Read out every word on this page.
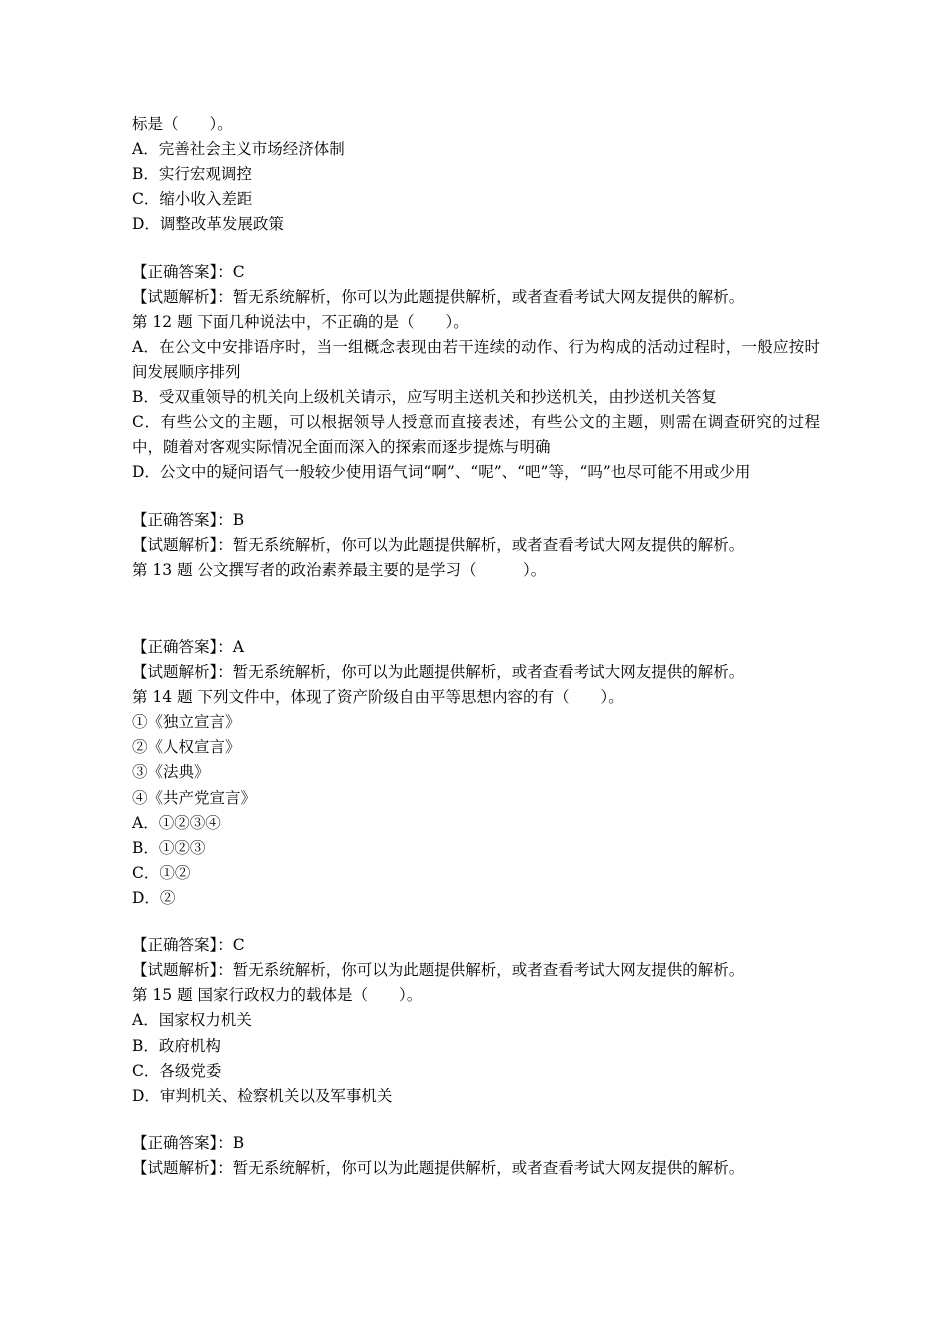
标是（  ）。

A．完善社会主义市场经济体制

B．实行宏观调控

C．缩小收入差距

D．调整改革发展政策

【正确答案】：C

【试题解析】：暂无系统解析，你可以为此题提供解析，或者查看考试大网友提供的解析。

第 12 题 下面几种说法中，不正确的是（  ）。

A．在公文中安排语序时，当一组概念表现由若干连续的动作、行为构成的活动过程时，一般应按时间发展顺序排列

B．受双重领导的机关向上级机关请示，应写明主送机关和抄送机关，由抄送机关答复

C．有些公文的主题，可以根据领导人授意而直接表述，有些公文的主题，则需在调查研究的过程中，随着对客观实际情况全面而深入的探索而逐步提炼与明确

D．公文中的疑问语气一般较少使用语气词“啊”、“呢”、“吧”等，“吗”也尽可能不用或少用

【正确答案】：B

【试题解析】：暂无系统解析，你可以为此题提供解析，或者查看考试大网友提供的解析。

第 13 题 公文撰写者的政治素养最主要的是学习（   ）。

【正确答案】：A

【试题解析】：暂无系统解析，你可以为此题提供解析，或者查看考试大网友提供的解析。

第 14 题 下列文件中，体现了资产阶级自由平等思想内容的有（  ）。

①《独立宣言》

②《人权宣言》

③《法典》

④《共产党宣言》

A．①②③④

B．①②③

C．①②

D．②

【正确答案】：C

【试题解析】：暂无系统解析，你可以为此题提供解析，或者查看考试大网友提供的解析。

第 15 题 国家行政权力的载体是（  ）。

A．国家权力机关

B．政府机构

C．各级党委

D．审判机关、检察机关以及军事机关

【正确答案】：B

【试题解析】：暂无系统解析，你可以为此题提供解析，或者查看考试大网友提供的解析。
